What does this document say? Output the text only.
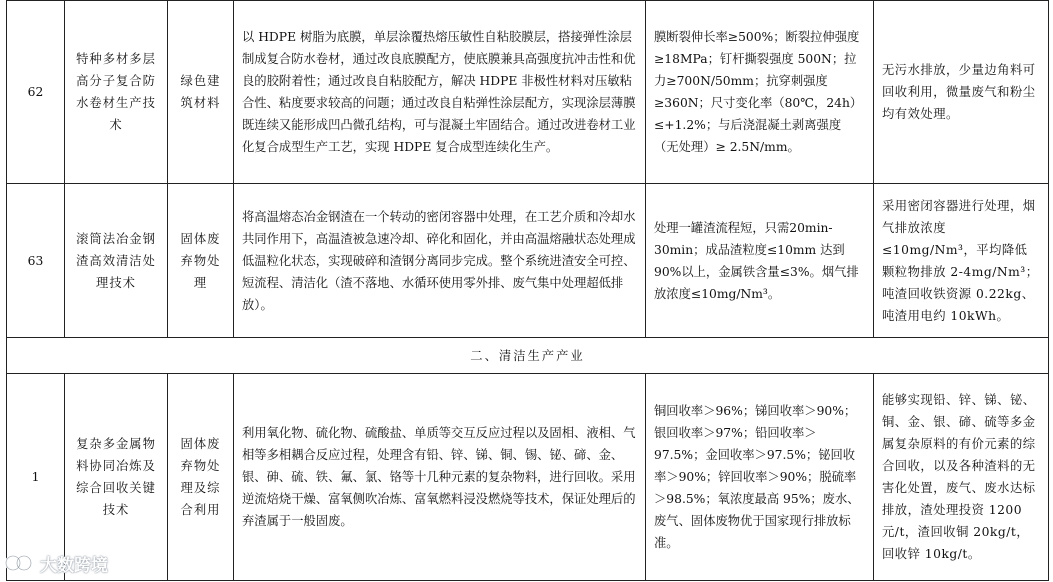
62	特种多材多层高分子复合防水卷材生产技术	绿色建筑材料	以 HDPE 树脂为底膜，单层涂覆热熔压敏性自粘胶膜层，搭接弹性涂层制成复合防水卷材，通过改良底膜配方，使底膜兼具高强度抗冲击性和优良的胶附着性；通过改良自粘胶配方，解决 HDPE 非极性材料对压敏粘合性、粘度要求较高的问题；通过改良自粘弹性涂层配方，实现涂层薄膜既连续又能形成凹凸微孔结构，可与混凝土牢固结合。通过改进卷材工业化复合成型生产工艺，实现 HDPE 复合成型连续化生产。	膜断裂伸长率≥500%；断裂拉伸强度≥18MPa；钉杆撕裂强度 500N；拉力≥700N/50mm；抗穿刺强度≥360N；尺寸变化率（80℃，24h）≤+1.2%；与后浇混凝土剥离强度（无处理）≥ 2.5N/mm。	无污水排放，少量边角料可回收利用，微量废气和粉尘均有效处理。
63	滚筒法冶金钢渣高效清洁处理技术	固体废弃物处理	将高温熔态冶金钢渣在一个转动的密闭容器中处理，在工艺介质和冷却水共同作用下，高温渣被急速冷却、碎化和固化，并由高温熔融状态处理成低温粒化状态，实现破碎和渣钢分离同步完成。整个系统进渣安全可控、短流程、清洁化（渣不落地、水循环使用零外排、废气集中处理超低排放）。	处理一罐渣流程短，只需20min-30min；成品渣粒度≤10mm 达到 90%以上，金属铁含量≤3%。烟气排放浓度≤10mg/Nm³。	采用密闭容器进行处理，烟气排放浓度≤10mg/Nm³，平均降低颗粒物排放 2-4mg/Nm³；吨渣回收铁资源 0.22kg、吨渣用电约 10kWh。
二、清洁生产产业					
1	复杂多金属物料协同冶炼及综合回收关键技术	固体废弃物处理及综合利用	利用氧化物、硫化物、硫酸盐、单质等交互反应过程以及固相、液相、气相等多相耦合反应过程，处理含有铅、锌、锑、铜、锡、铋、碲、金、银、砷、硫、铁、氟、氯、铬等十几种元素的复杂物料，进行回收。采用逆流焙烧干燥、富氧侧吹冶炼、富氧燃料浸没燃烧等技术，保证处理后的弃渣属于一般固废。	铜回收率＞96%；锑回收率＞90%；银回收率＞97%；铅回收率＞97.5%；金回收率＞97.5%；铋回收率＞90%；锌回收率＞90%；脱硫率＞98.5%；氧浓度最高 95%；废水、废气、固体废物优于国家现行排放标准。	能够实现铅、锌、锑、铋、铜、金、银、碲、硫等多金属复杂原料的有价元素的综合回收，以及各种渣料的无害化处置，废气、废水达标排放，渣处理投资 1200 元/t，渣回收铜 20kg/t，回收锌 10kg/t。
大数跨境
